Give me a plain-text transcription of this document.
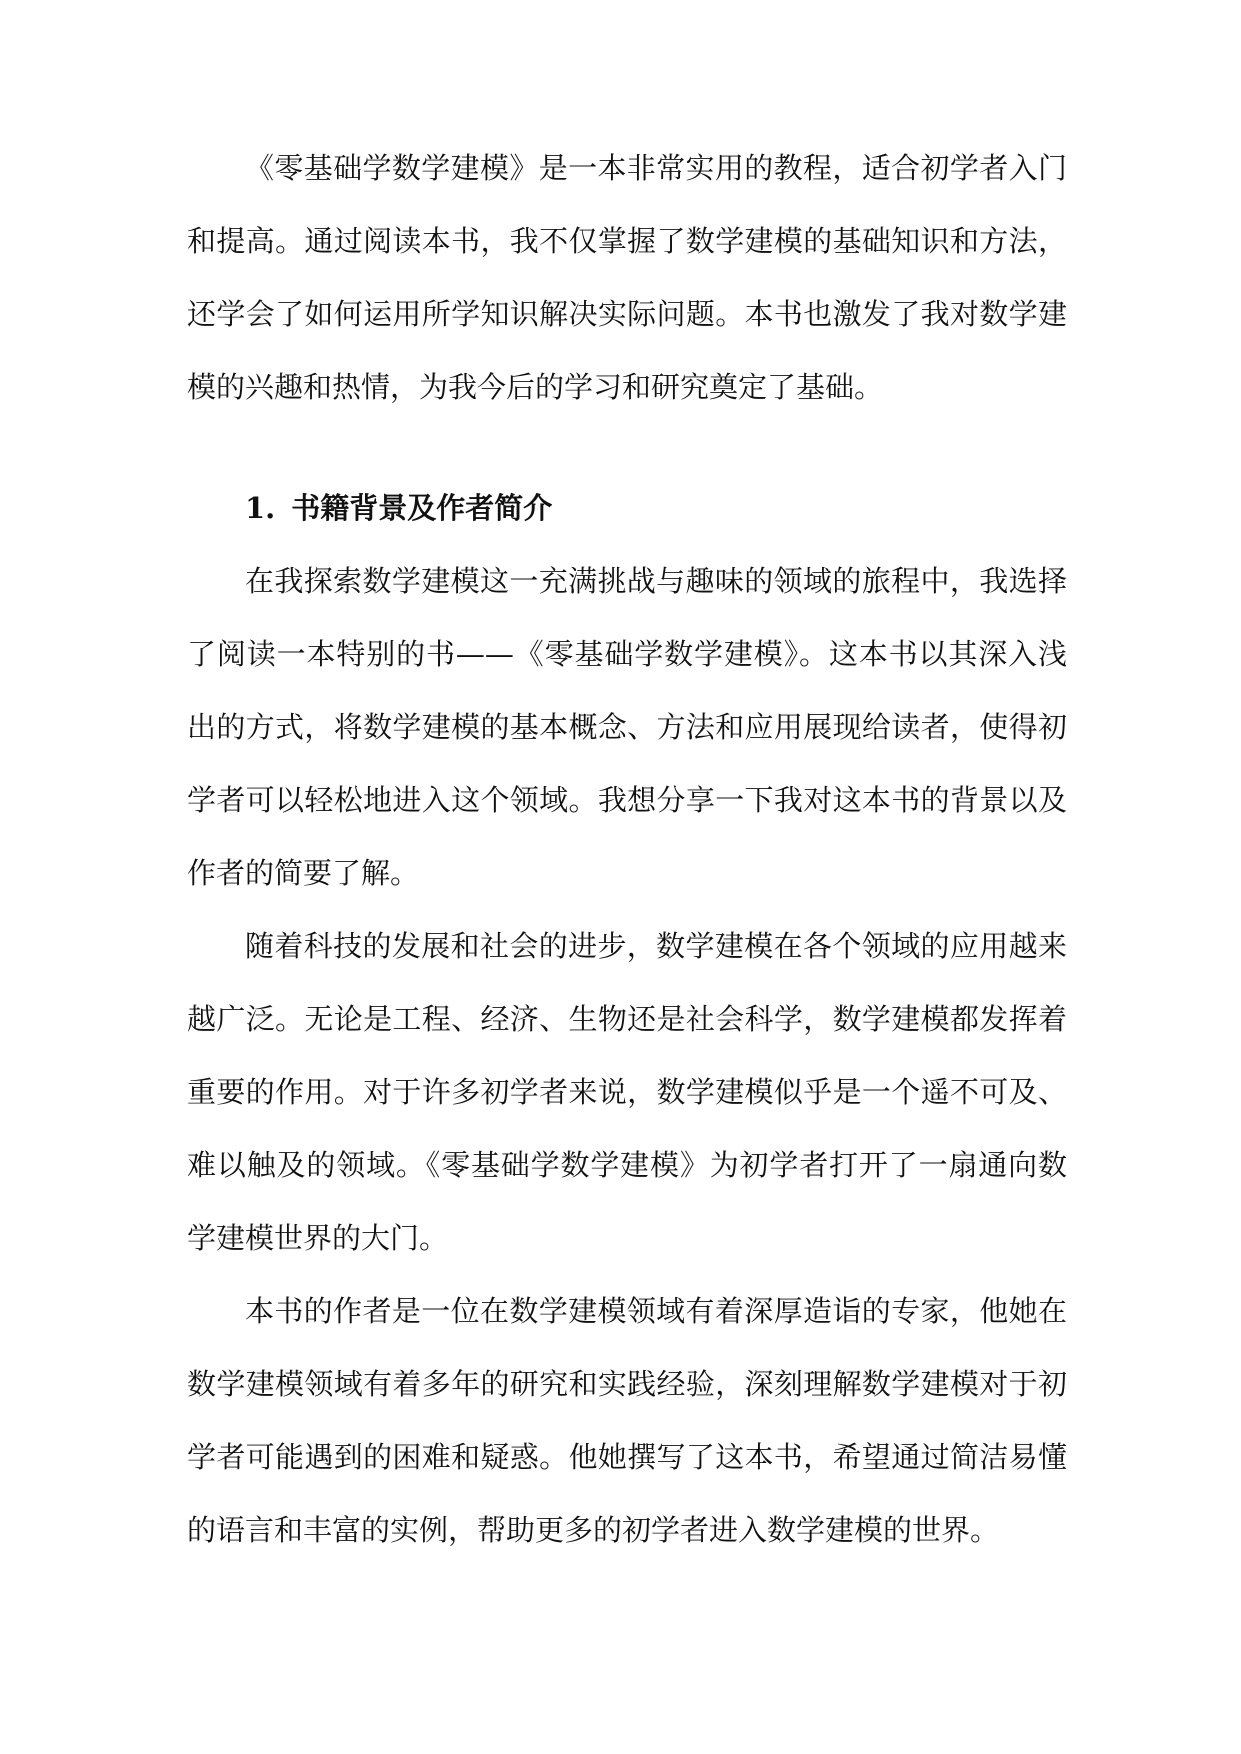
《零基础学数学建模》是一本非常实用的教程，适合初学者入门和提高。通过阅读本书，我不仅掌握了数学建模的基础知识和方法，还学会了如何运用所学知识解决实际问题。本书也激发了我对数学建模的兴趣和热情，为我今后的学习和研究奠定了基础。

1. 书籍背景及作者简介

在我探索数学建模这一充满挑战与趣味的领域的旅程中，我选择了阅读一本特别的书——《零基础学数学建模》。这本书以其深入浅出的方式，将数学建模的基本概念、方法和应用展现给读者，使得初学者可以轻松地进入这个领域。我想分享一下我对这本书的背景以及作者的简要了解。

随着科技的发展和社会的进步，数学建模在各个领域的应用越来越广泛。无论是工程、经济、生物还是社会科学，数学建模都发挥着重要的作用。对于许多初学者来说，数学建模似乎是一个遥不可及、难以触及的领域。《零基础学数学建模》为初学者打开了一扇通向数学建模世界的大门。

本书的作者是一位在数学建模领域有着深厚造诣的专家，他她在数学建模领域有着多年的研究和实践经验，深刻理解数学建模对于初学者可能遇到的困难和疑惑。他她撰写了这本书，希望通过简洁易懂的语言和丰富的实例，帮助更多的初学者进入数学建模的世界。
